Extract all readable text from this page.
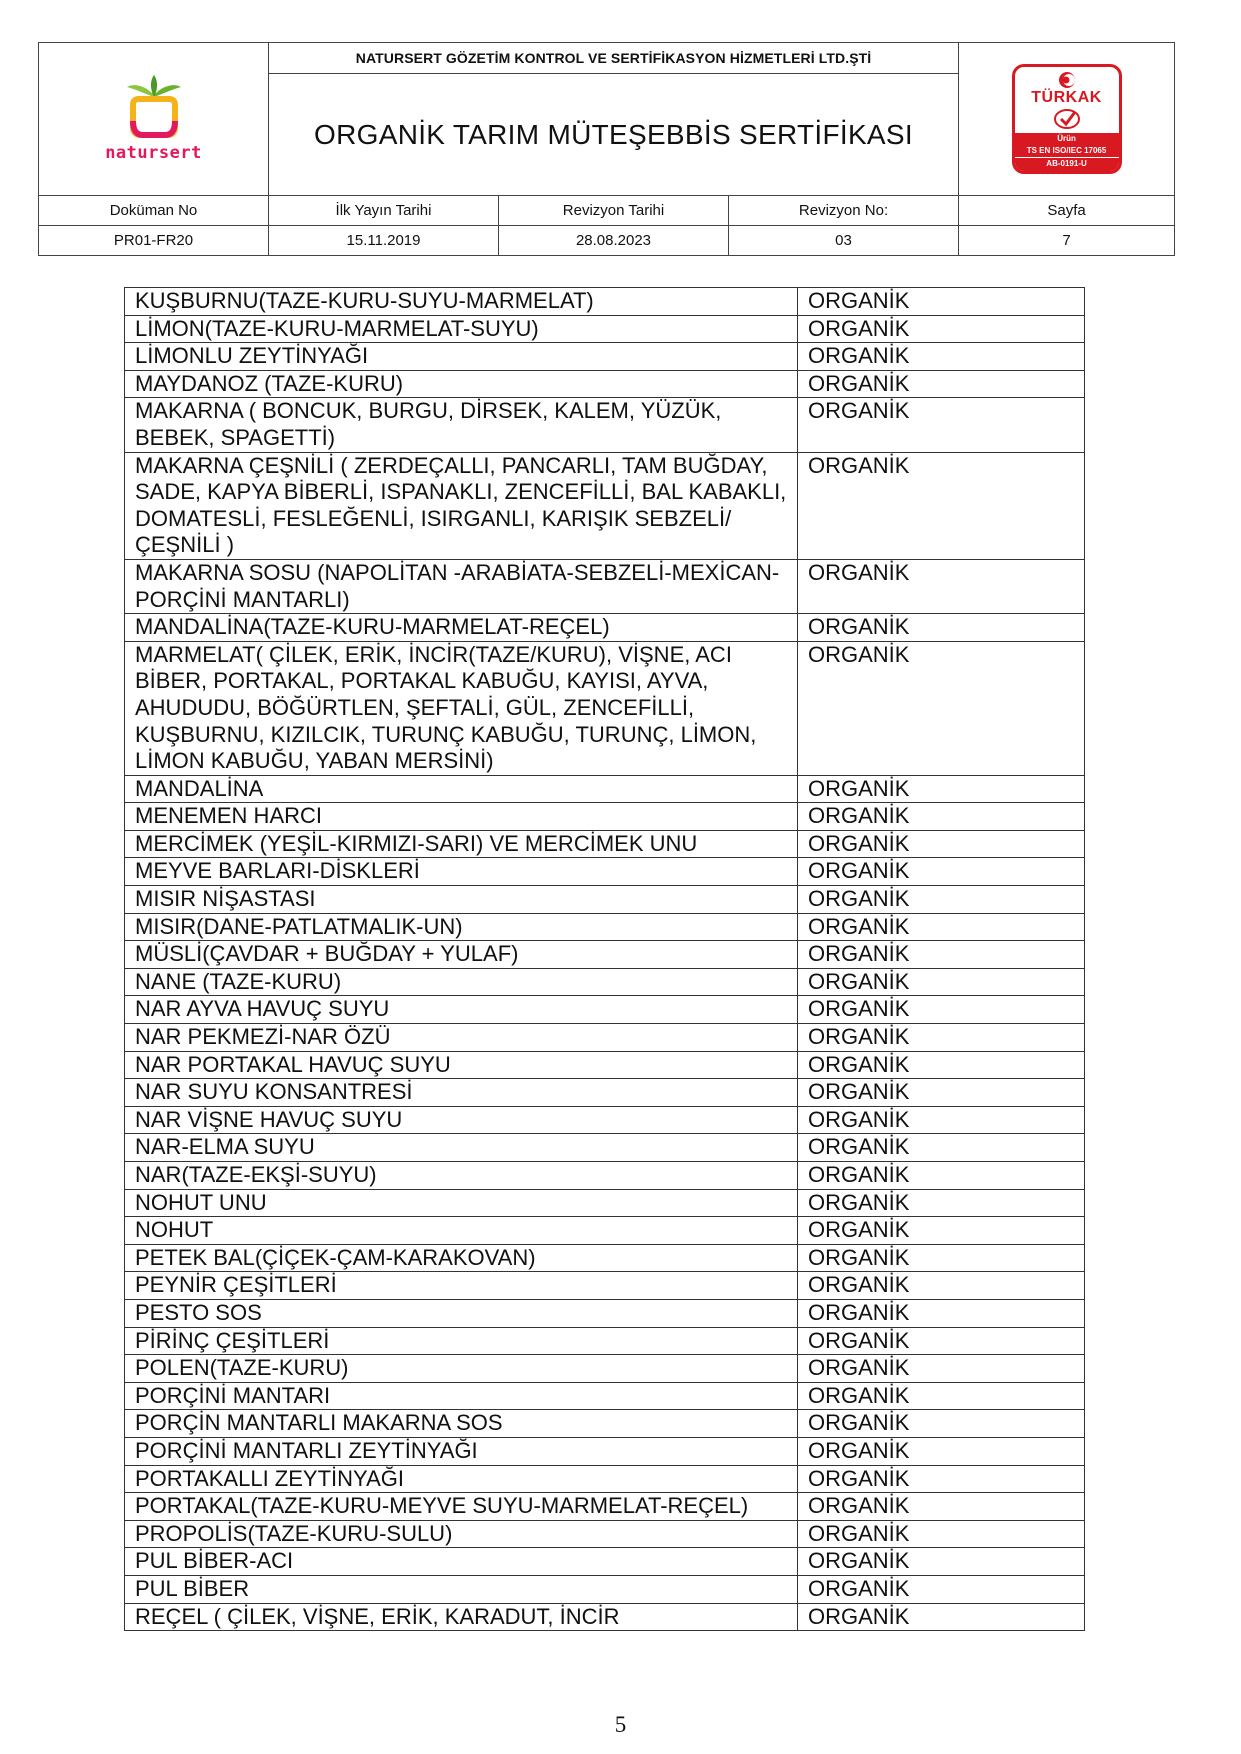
natursert	NATURSERT GÖZETİM KONTROL VE SERTİFİKASYON HİZMETLERİ LTD.ŞTİ			TÜRKAK
Ürün
TS EN ISO/IEC 17065
AB-0191-U

	ORGANİK TARIM MÜTEŞEBBİS SERTİFİKASI			
Doküman No	İlk Yayın Tarihi	Revizyon Tarihi	Revizyon No:	Sayfa
PR01-FR20	15.11.2019	28.08.2023	03	7
KUŞBURNU(TAZE-KURU-SUYU-MARMELAT)	ORGANİK
LİMON(TAZE-KURU-MARMELAT-SUYU)	ORGANİK
LİMONLU ZEYTİNYAĞI	ORGANİK
MAYDANOZ (TAZE-KURU)	ORGANİK
MAKARNA ( BONCUK, BURGU, DİRSEK, KALEM, YÜZÜK, BEBEK, SPAGETTİ)	ORGANİK
MAKARNA ÇEŞNİLİ ( ZERDEÇALLI, PANCARLI, TAM BUĞDAY, SADE, KAPYA BİBERLİ, ISPANAKLI, ZENCEFİLLİ, BAL KABAKLI, DOMATESLİ, FESLEĞENLİ, ISIRGANLI, KARIŞIK SEBZELİ/ ÇEŞNİLİ )	ORGANİK
MAKARNA SOSU (NAPOLİTAN -ARABİATA-SEBZELİ-MEXİCAN-PORÇİNİ MANTARLI)	ORGANİK
MANDALİNA(TAZE-KURU-MARMELAT-REÇEL)	ORGANİK
MARMELAT( ÇİLEK, ERİK, İNCİR(TAZE/KURU), VİŞNE, ACI BİBER, PORTAKAL, PORTAKAL KABUĞU, KAYISI, AYVA, AHUDUDU, BÖĞÜRTLEN, ŞEFTALİ, GÜL, ZENCEFİLLİ, KUŞBURNU, KIZILCIK, TURUNÇ KABUĞU, TURUNÇ, LİMON, LİMON KABUĞU, YABAN MERSİNİ)	ORGANİK
MANDALİNA	ORGANİK
MENEMEN HARCI	ORGANİK
MERCİMEK (YEŞİL-KIRMIZI-SARI) VE MERCİMEK UNU	ORGANİK
MEYVE BARLARI-DİSKLERİ	ORGANİK
MISIR NİŞASTASI	ORGANİK
MISIR(DANE-PATLATMALIK-UN)	ORGANİK
MÜSLİ(ÇAVDAR + BUĞDAY + YULAF)	ORGANİK
NANE (TAZE-KURU)	ORGANİK
NAR AYVA HAVUÇ SUYU	ORGANİK
NAR PEKMEZİ-NAR ÖZÜ	ORGANİK
NAR PORTAKAL HAVUÇ SUYU	ORGANİK
NAR SUYU KONSANTRESİ	ORGANİK
NAR VİŞNE HAVUÇ SUYU	ORGANİK
NAR-ELMA SUYU	ORGANİK
NAR(TAZE-EKŞİ-SUYU)	ORGANİK
NOHUT UNU	ORGANİK
NOHUT	ORGANİK
PETEK BAL(ÇİÇEK-ÇAM-KARAKOVAN)	ORGANİK
PEYNİR ÇEŞİTLERİ	ORGANİK
PESTO SOS	ORGANİK
PİRİNÇ ÇEŞİTLERİ	ORGANİK
POLEN(TAZE-KURU)	ORGANİK
PORÇİNİ MANTARI	ORGANİK
PORÇİN MANTARLI MAKARNA SOS	ORGANİK
PORÇİNİ MANTARLI ZEYTİNYAĞI	ORGANİK
PORTAKALLI ZEYTİNYAĞI	ORGANİK
PORTAKAL(TAZE-KURU-MEYVE SUYU-MARMELAT-REÇEL)	ORGANİK
PROPOLİS(TAZE-KURU-SULU)	ORGANİK
PUL BİBER-ACI	ORGANİK
PUL BİBER	ORGANİK
REÇEL ( ÇİLEK, VİŞNE, ERİK, KARADUT, İNCİR	ORGANİK
5
